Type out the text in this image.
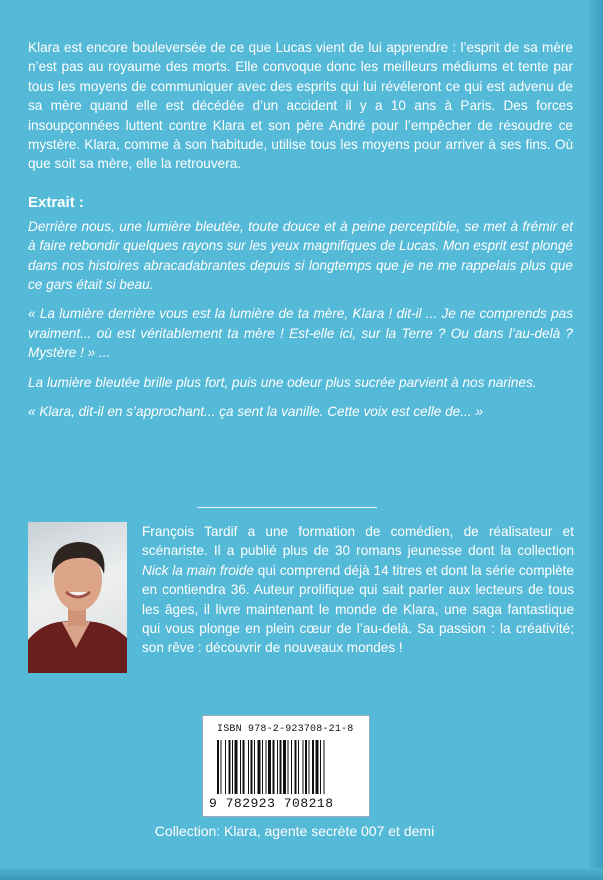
Klara est encore bouleversée de ce que Lucas vient de lui apprendre : l’esprit de sa mère n’est pas au royaume des morts. Elle convoque donc les meilleurs médiums et tente par tous les moyens de communiquer avec des esprits qui lui révéleront ce qui est advenu de sa mère quand elle est décédée d’un accident il y a 10 ans à Paris. Des forces insoupçonnées luttent contre Klara et son père André pour l’empêcher de résoudre ce mystère. Klara, comme à son habitude, utilise tous les moyens pour arriver à ses fins. Où que soit sa mère, elle la retrouvera.

Extrait :

Derrière nous, une lumière bleutée, toute douce et à peine perceptible, se met à frémir et à faire rebondir quelques rayons sur les yeux magnifiques de Lucas. Mon esprit est plongé dans nos histoires abracadabrantes depuis si longtemps que je ne me rappelais plus que ce gars était si beau.

« La lumière derrière vous est la lumière de ta mère, Klara ! dit-il ... Je ne comprends pas vraiment... où est véritablement ta mère ! Est-elle ici, sur la Terre ? Ou dans l’au-delà ? Mystère ! » ...

La lumière bleutée brille plus fort, puis une odeur plus sucrée parvient à nos narines.

« Klara, dit-il en s’approchant... ça sent la vanille. Cette voix est celle de... »

François Tardif a une formation de comédien, de réalisateur et scénariste. Il a publié plus de 30 romans jeunesse dont la collection Nick la main froide qui comprend déjà 14 titres et dont la série complète en contiendra 36. Auteur prolifique qui sait parler aux lecteurs de tous les âges, il livre maintenant le monde de Klara, une saga fantastique qui vous plonge en plein cœur de l’au-delà. Sa passion : la créativité; son rêve : découvrir de nouveaux mondes !

ISBN 978-2-923708-21-8
9 782923 708218
Collection: Klara, agente secrète 007 et demi
